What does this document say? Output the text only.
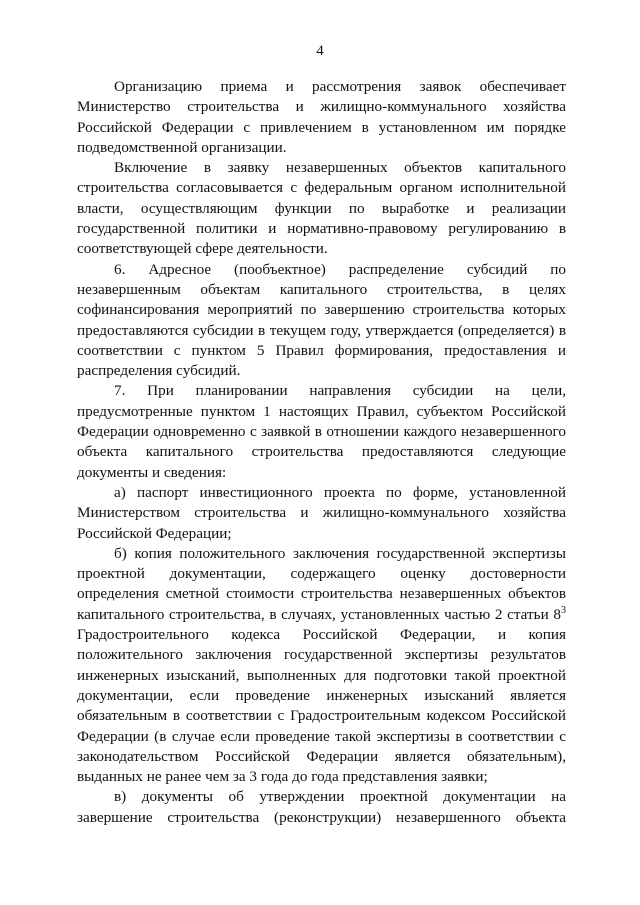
4

Организацию приема и рассмотрения заявок обеспечивает Министерство строительства и жилищно-коммунального хозяйства Российской Федерации с привлечением в установленном им порядке подведомственной организации.

Включение в заявку незавершенных объектов капитального строительства согласовывается с федеральным органом исполнительной власти, осуществляющим функции по выработке и реализации государственной политики и нормативно-правовому регулированию в соответствующей сфере деятельности.

6. Адресное (пообъектное) распределение субсидий по незавершенным объектам капитального строительства, в целях софинансирования мероприятий по завершению строительства которых предоставляются субсидии в текущем году, утверждается (определяется) в соответствии с пунктом 5 Правил формирования, предоставления и распределения субсидий.

7. При планировании направления субсидии на цели, предусмотренные пунктом 1 настоящих Правил, субъектом Российской Федерации одновременно с заявкой в отношении каждого незавершенного объекта капитального строительства предоставляются следующие документы и сведения:

а) паспорт инвестиционного проекта по форме, установленной Министерством строительства и жилищно-коммунального хозяйства Российской Федерации;

б) копия положительного заключения государственной экспертизы проектной документации, содержащего оценку достоверности определения сметной стоимости строительства незавершенных объектов капитального строительства, в случаях, установленных частью 2 статьи $8^3$ Градостроительного кодекса Российской Федерации, и копия положительного заключения государственной экспертизы результатов инженерных изысканий, выполненных для подготовки такой проектной документации, если проведение инженерных изысканий является обязательным в соответствии с Градостроительным кодексом Российской Федерации (в случае если проведение такой экспертизы в соответствии с законодательством Российской Федерации является обязательным), выданных не ранее чем за 3 года до года представления заявки;

в) документы об утверждении проектной документации на завершение строительства (реконструкции) незавершенного объекта
